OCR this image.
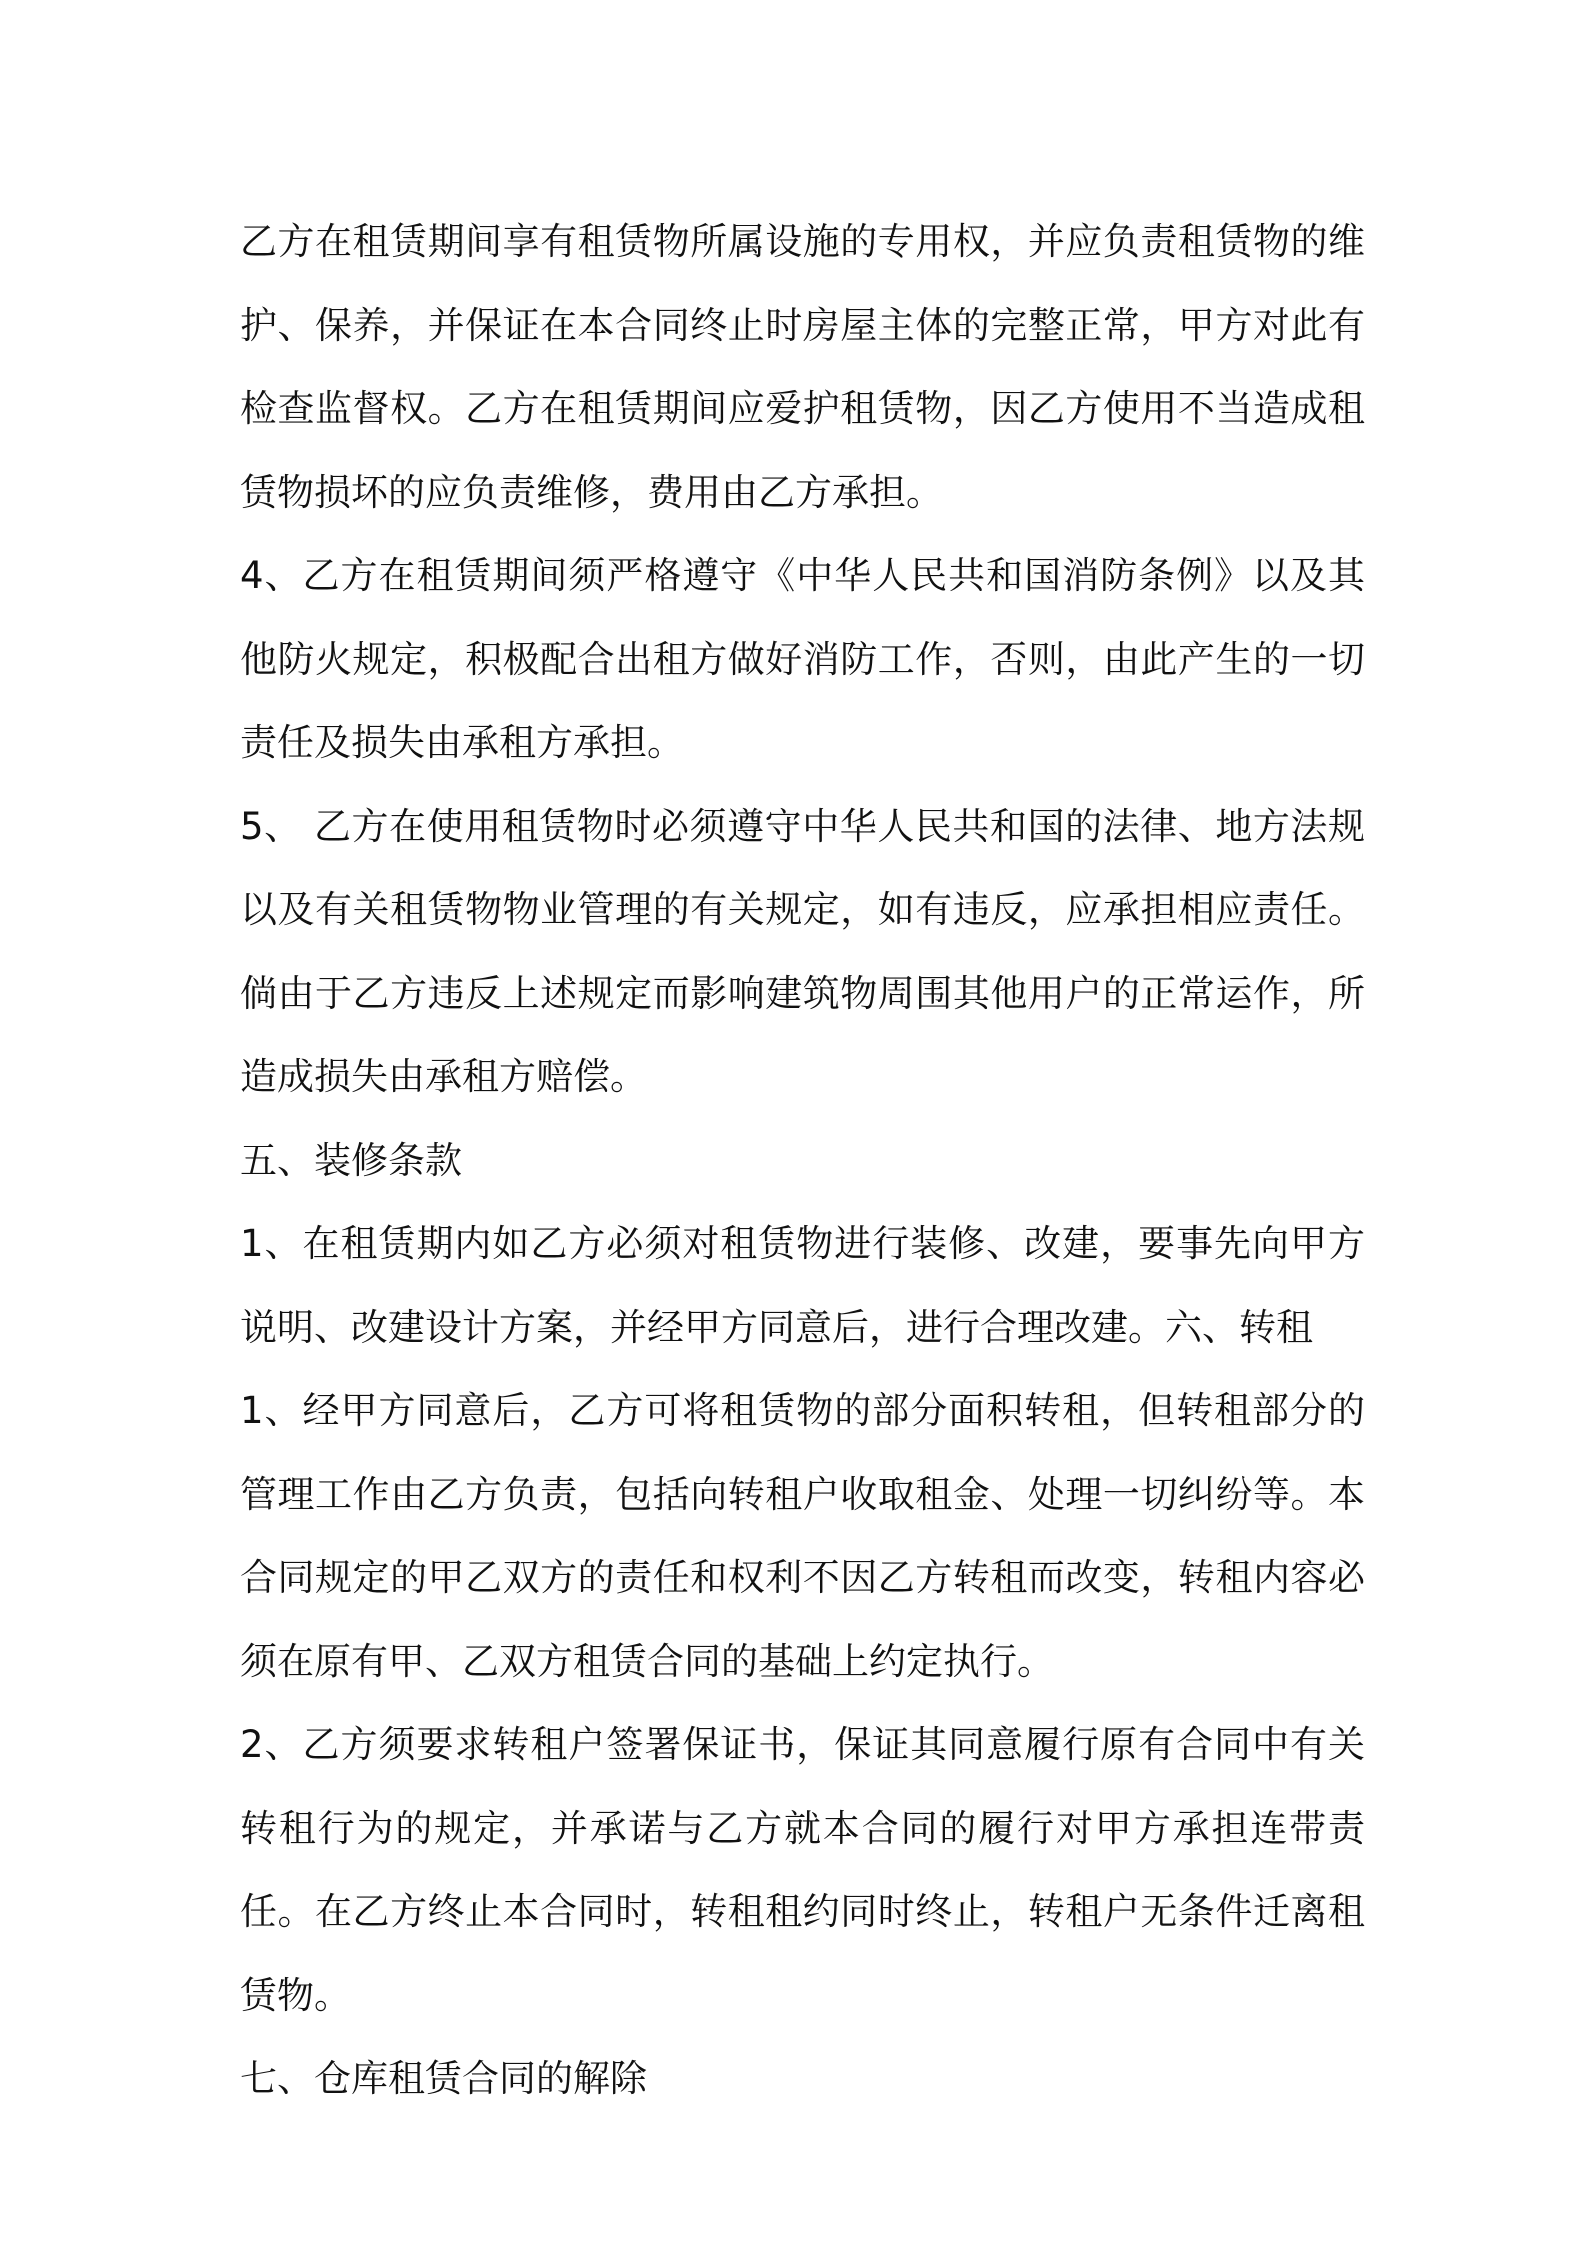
乙方在租赁期间享有租赁物所属设施的专用权，并应负责租赁物的维护、保养，并保证在本合同终止时房屋主体的完整正常，甲方对此有检查监督权。乙方在租赁期间应爱护租赁物，因乙方使用不当造成租赁物损坏的应负责维修，费用由乙方承担。

4、乙方在租赁期间须严格遵守《中华人民共和国消防条例》以及其他防火规定，积极配合出租方做好消防工作，否则，由此产生的一切责任及损失由承租方承担。

5、 乙方在使用租赁物时必须遵守中华人民共和国的法律、地方法规以及有关租赁物物业管理的有关规定，如有违反，应承担相应责任。倘由于乙方违反上述规定而影响建筑物周围其他用户的正常运作，所造成损失由承租方赔偿。

五、装修条款

1、在租赁期内如乙方必须对租赁物进行装修、改建，要事先向甲方说明、改建设计方案，并经甲方同意后，进行合理改建。六、转租

1、经甲方同意后，乙方可将租赁物的部分面积转租，但转租部分的管理工作由乙方负责，包括向转租户收取租金、处理一切纠纷等。本合同规定的甲乙双方的责任和权利不因乙方转租而改变，转租内容必须在原有甲、乙双方租赁合同的基础上约定执行。

2、乙方须要求转租户签署保证书，保证其同意履行原有合同中有关转租行为的规定，并承诺与乙方就本合同的履行对甲方承担连带责任。在乙方终止本合同时，转租租约同时终止，转租户无条件迁离租赁物。

七、仓库租赁合同的解除
